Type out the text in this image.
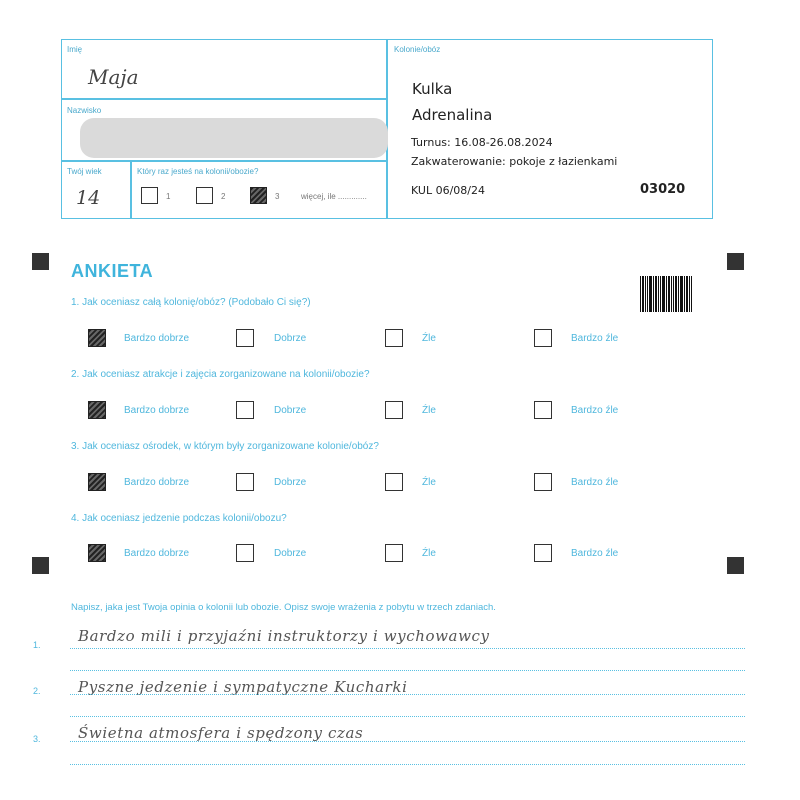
Imię
Maja
Nazwisko
Twój wiek
14
Który raz jesteś na kolonii/obozie?
1	2	3	więcej, ile .............
Kolonie/obóz
Kulka
Adrenalina
Turnus: 16.08-26.08.2024
Zakwaterowanie: pokoje z łazienkami
KUL 06/08/24	03020
ANKIETA
1. Jak oceniasz całą kolonię/obóz? (Podobało Ci się?)
Bardzo dobrze	Dobrze	Źle	Bardzo źle
2. Jak oceniasz atrakcje i zajęcia zorganizowane na kolonii/obozie?
Bardzo dobrze	Dobrze	Źle	Bardzo źle
3. Jak oceniasz ośrodek, w którym były zorganizowane kolonie/obóz?
Bardzo dobrze	Dobrze	Źle	Bardzo źle
4. Jak oceniasz jedzenie podczas kolonii/obozu?
Bardzo dobrze	Dobrze	Źle	Bardzo źle
Napisz, jaka jest Twoja opinia o kolonii lub obozie. Opisz swoje wrażenia z pobytu w trzech zdaniach.
1. Bardzo mili i przyjaźni instruktorzy i wychowawcy
2. Pyszne jedzenie i sympatyczne Kucharki
3. Świetna atmosfera i spędzony czas
